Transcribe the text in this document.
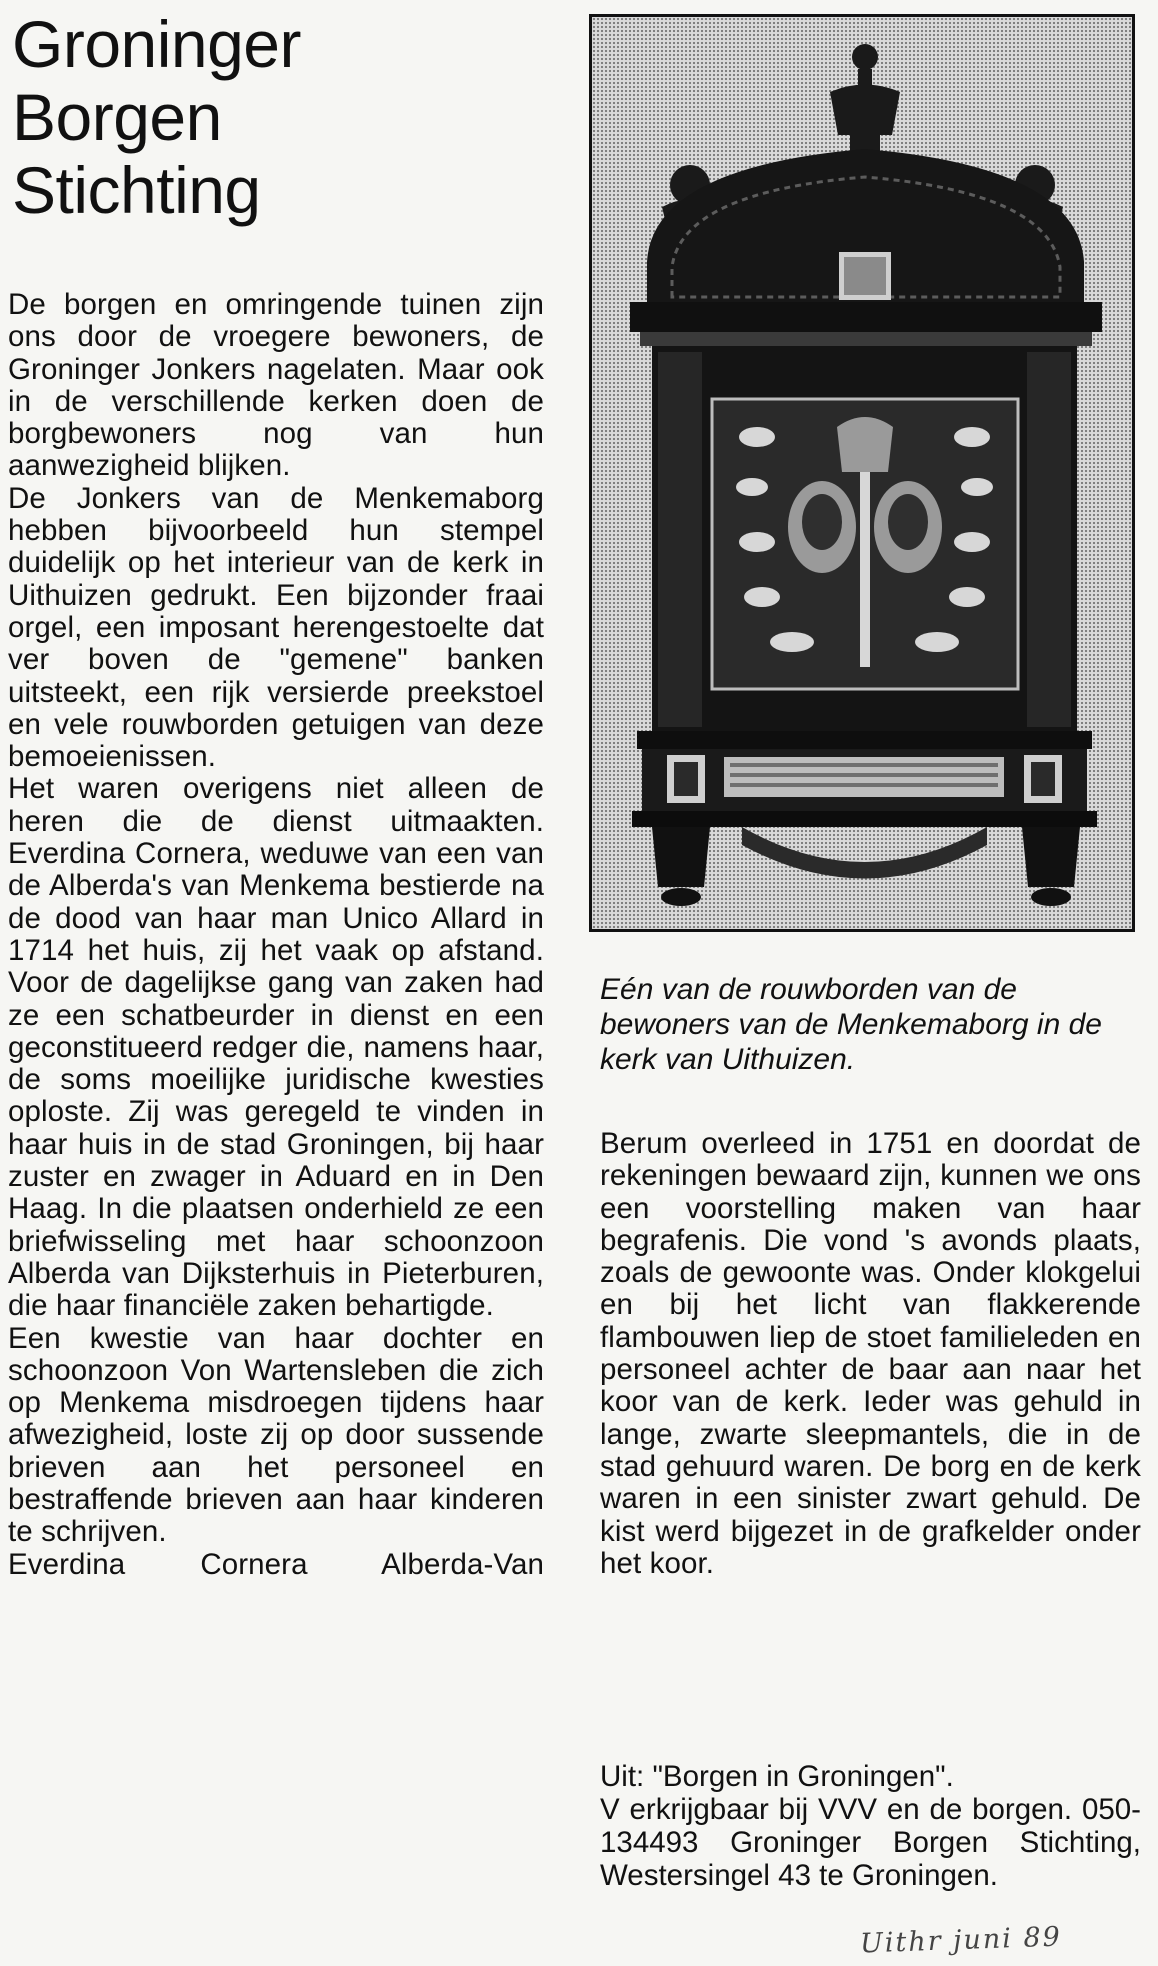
Groninger
Borgen
Stichting

De borgen en omringende tuinen zijn ons door de vroegere bewoners, de Groninger Jonkers nagelaten. Maar ook in de verschillende kerken doen de borgbewoners nog van hun aanwezigheid blijken.

De Jonkers van de Menkemaborg hebben bijvoorbeeld hun stempel duidelijk op het interieur van de kerk in Uithuizen gedrukt. Een bijzonder fraai orgel, een imposant herengestoelte dat ver boven de "gemene" banken uitsteekt, een rijk versierde preekstoel en vele rouwborden getuigen van deze bemoeienissen.

Het waren overigens niet alleen de heren die de dienst uitmaakten. Everdina Cornera, weduwe van een van de Alberda's van Menkema bestierde na de dood van haar man Unico Allard in 1714 het huis, zij het vaak op afstand. Voor de dagelijkse gang van zaken had ze een schatbeurder in dienst en een geconstitueerd redger die, namens haar, de soms moeilijke juridische kwesties oploste. Zij was geregeld te vinden in haar huis in de stad Groningen, bij haar zuster en zwager in Aduard en in Den Haag. In die plaatsen onderhield ze een briefwisseling met haar schoonzoon Alberda van Dijksterhuis in Pieterburen, die haar financiële zaken behartigde.

Een kwestie van haar dochter en schoonzoon Von Wartensleben die zich op Menkema misdroegen tijdens haar afwezigheid, loste zij op door sussende brieven aan het personeel en bestraffende brieven aan haar kinderen te schrijven.

Everdina Cornera Alberda-Van

Eén van de rouwborden van de bewoners van de Menkemaborg in de kerk van Uithuizen.

Berum overleed in 1751 en doordat de rekeningen bewaard zijn, kunnen we ons een voorstelling maken van haar begrafenis. Die vond 's avonds plaats, zoals de gewoonte was. Onder klokgelui en bij het licht van flakkerende flambouwen liep de stoet familieleden en personeel achter de baar aan naar het koor van de kerk. Ieder was gehuld in lange, zwarte sleepmantels, die in de stad gehuurd waren. De borg en de kerk waren in een sinister zwart gehuld. De kist werd bijgezet in de grafkelder onder het koor.

Uit: "Borgen in Groningen".

V erkrijgbaar bij VVV en de borgen. 050-134493 Groninger Borgen Stichting, Westersingel 43 te Groningen.

Uithr juni 89
